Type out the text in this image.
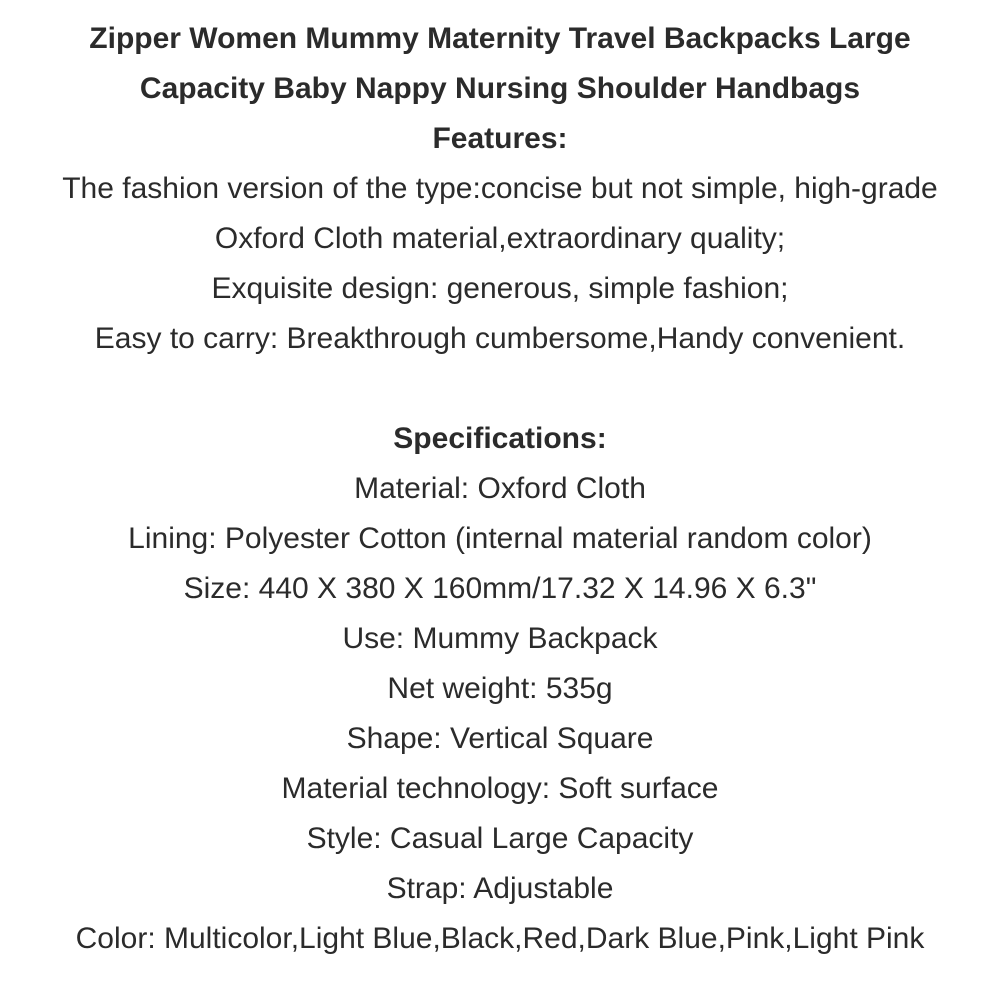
Zipper Women Mummy Maternity Travel Backpacks Large
Capacity Baby Nappy Nursing Shoulder Handbags
Features:
The fashion version of the type:concise but not simple, high-grade
Oxford Cloth material,extraordinary quality;
Exquisite design: generous, simple fashion;
Easy to carry: Breakthrough cumbersome,Handy convenient.
Specifications:
Material: Oxford Cloth
Lining: Polyester Cotton (internal material random color)
Size: 440 X 380 X 160mm/17.32 X 14.96 X 6.3"
Use: Mummy Backpack
Net weight: 535g
Shape: Vertical Square
Material technology: Soft surface
Style: Casual Large Capacity
Strap: Adjustable
Color: Multicolor,Light Blue,Black,Red,Dark Blue,Pink,Light Pink
